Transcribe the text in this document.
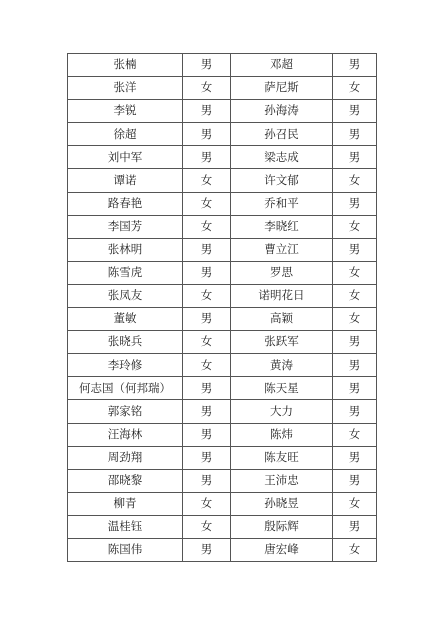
张楠	男	邓超	男
张洋	女	萨尼斯	女
李锐	男	孙海涛	男
徐超	男	孙召民	男
刘中军	男	梁志成	男
谭诺	女	许文郁	女
路春艳	女	乔和平	男
李国芳	女	李晓红	女
张林明	男	曹立江	男
陈雪虎	男	罗思	女
张凤友	女	诺明花日	女
董敏	男	高颖	女
张晓兵	女	张跃军	男
李玲修	女	黄涛	男
何志国（何邦瑞）	男	陈天星	男
郭家铭	男	大力	男
汪海林	男	陈炜	女
周劲翔	男	陈友旺	男
邵晓黎	男	王沛忠	男
柳青	女	孙晓昱	女
温桂钰	女	殷际辉	男
陈国伟	男	唐宏峰	女
